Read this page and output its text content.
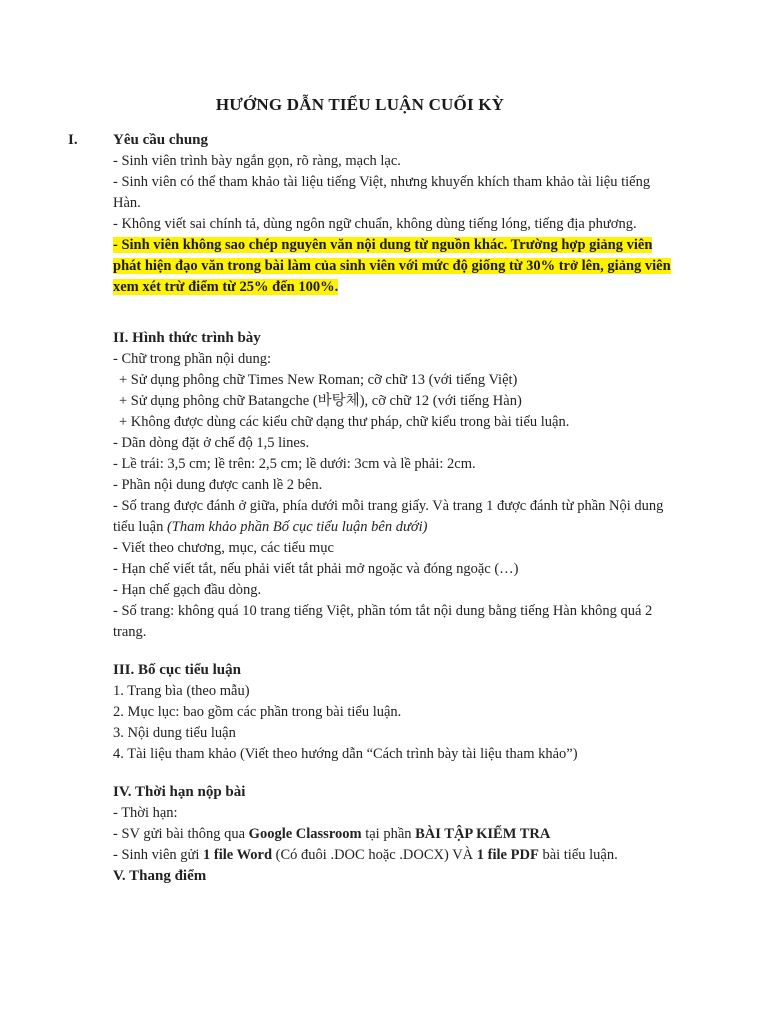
HƯỚNG DẪN TIỂU LUẬN CUỐI KỲ

I. Yêu cầu chung

- Sinh viên trình bày ngắn gọn, rõ ràng, mạch lạc.

- Sinh viên có thể tham khảo tài liệu tiếng Việt, nhưng khuyến khích tham khảo tài liệu tiếng Hàn.

- Không viết sai chính tả, dùng ngôn ngữ chuẩn, không dùng tiếng lóng, tiếng địa phương.

- Sinh viên không sao chép nguyên văn nội dung từ nguồn khác. Trường hợp giảng viên phát hiện đạo văn trong bài làm của sinh viên với mức độ giống từ 30% trở lên, giảng viên xem xét trừ điểm từ 25% đến 100%.

II. Hình thức trình bày

- Chữ trong phần nội dung:

+ Sử dụng phông chữ Times New Roman; cỡ chữ 13 (với tiếng Việt)

+ Sử dụng phông chữ Batangche (바탕체), cỡ chữ 12 (với tiếng Hàn)

+ Không được dùng các kiểu chữ dạng thư pháp, chữ kiểu trong bài tiểu luận.

- Dãn dòng đặt ở chế độ 1,5 lines.

- Lề trái: 3,5 cm; lề trên: 2,5 cm; lề dưới: 3cm và lề phải: 2cm.

- Phần nội dung được canh lề 2 bên.

- Số trang được đánh ở giữa, phía dưới mỗi trang giấy. Và trang 1 được đánh từ phần Nội dung tiểu luận (Tham khảo phần Bố cục tiểu luận bên dưới)

- Viết theo chương, mục, các tiểu mục

- Hạn chế viết tắt, nếu phải viết tắt phải mở ngoặc và đóng ngoặc (…)

- Hạn chế gạch đầu dòng.

- Số trang: không quá 10 trang tiếng Việt, phần tóm tắt nội dung bằng tiếng Hàn không quá 2 trang.

III. Bố cục tiểu luận

1. Trang bìa (theo mẫu)

2. Mục lục: bao gồm các phần trong bài tiểu luận.

3. Nội dung tiểu luận

4. Tài liệu tham khảo (Viết theo hướng dẫn “Cách trình bày tài liệu tham khảo”)

IV. Thời hạn nộp bài

- Thời hạn:

- SV gửi bài thông qua Google Classroom tại phần BÀI TẬP KIỂM TRA

- Sinh viên gửi 1 file Word (Có đuôi .DOC hoặc .DOCX) VÀ 1 file PDF bài tiểu luận.

V. Thang điểm
